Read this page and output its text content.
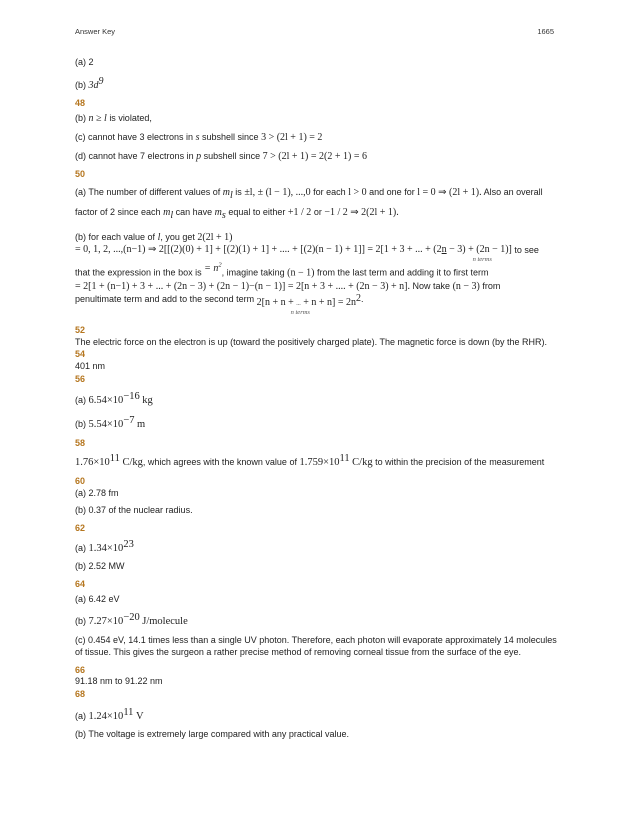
Answer Key	1665
(a) 2
(b) $3d^9$
48
(b) n ≥ l is violated,
(c) cannot have 3 electrons in s subshell since 3 > (2l + 1) = 2
(d) cannot have 7 electrons in p subshell since 7 > (2l + 1) = 2(2 + 1) = 6
50
(a) The number of different values of $m_l$ is ±l, ± (l − 1), ...,0 for each l > 0 and one for l = 0 ⇒ (2l + 1). Also an overall factor of 2 since each $m_l$ can have $m_s$ equal to either +1 / 2 or −1 / 2 ⇒ 2(2l + 1).
(b) for each value of l, you get 2(2l + 1)
= 0, 1, 2, ...,(n−1) ⇒ 2[[(2)(0) + 1] + [(2)(1) + 1] + .... + [(2)(n − 1) + 1]] = 2[1 + 3 + ... + (2n − 3) + (2n − 1)]
n terms
to see
that the expression in the box is = $n^2$, imagine taking (n − 1) from the last term and adding it to first term
= 2[1 + (n−1) + 3 + ... + (2n − 3) + (2n − 1)−(n − 1)] = 2[n + 3 + .... + (2n − 3) + n]. Now take (n − 3) from
penultimate term and add to the second term 2[n + n + ... + $n + n] = 2n^2$
n terms
.
52
The electric force on the electron is up (toward the positively charged plate). The magnetic force is down (by the RHR).
54
401 nm
56
(a) $6.54\times 10^{-16}$ kg
(b) $5.54\times 10^{-7}$ m
58
$1.76\times 10^{11}$ C/kg, which agrees with the known value of $1.759\times 10^{11}$ C/kg to within the precision of the measurement
60
(a) 2.78 fm
(b) 0.37 of the nuclear radius.
62
(a) $1.34\times 10^{23}$
(b) 2.52 MW
64
(a) 6.42 eV
(b) $7.27\times 10^{-20}$ J/molecule
(c) 0.454 eV, 14.1 times less than a single UV photon. Therefore, each photon will evaporate approximately 14 molecules of tissue. This gives the surgeon a rather precise method of removing corneal tissue from the surface of the eye.
66
91.18 nm to 91.22 nm
68
(a) $1.24\times 10^{11}$ V
(b) The voltage is extremely large compared with any practical value.
